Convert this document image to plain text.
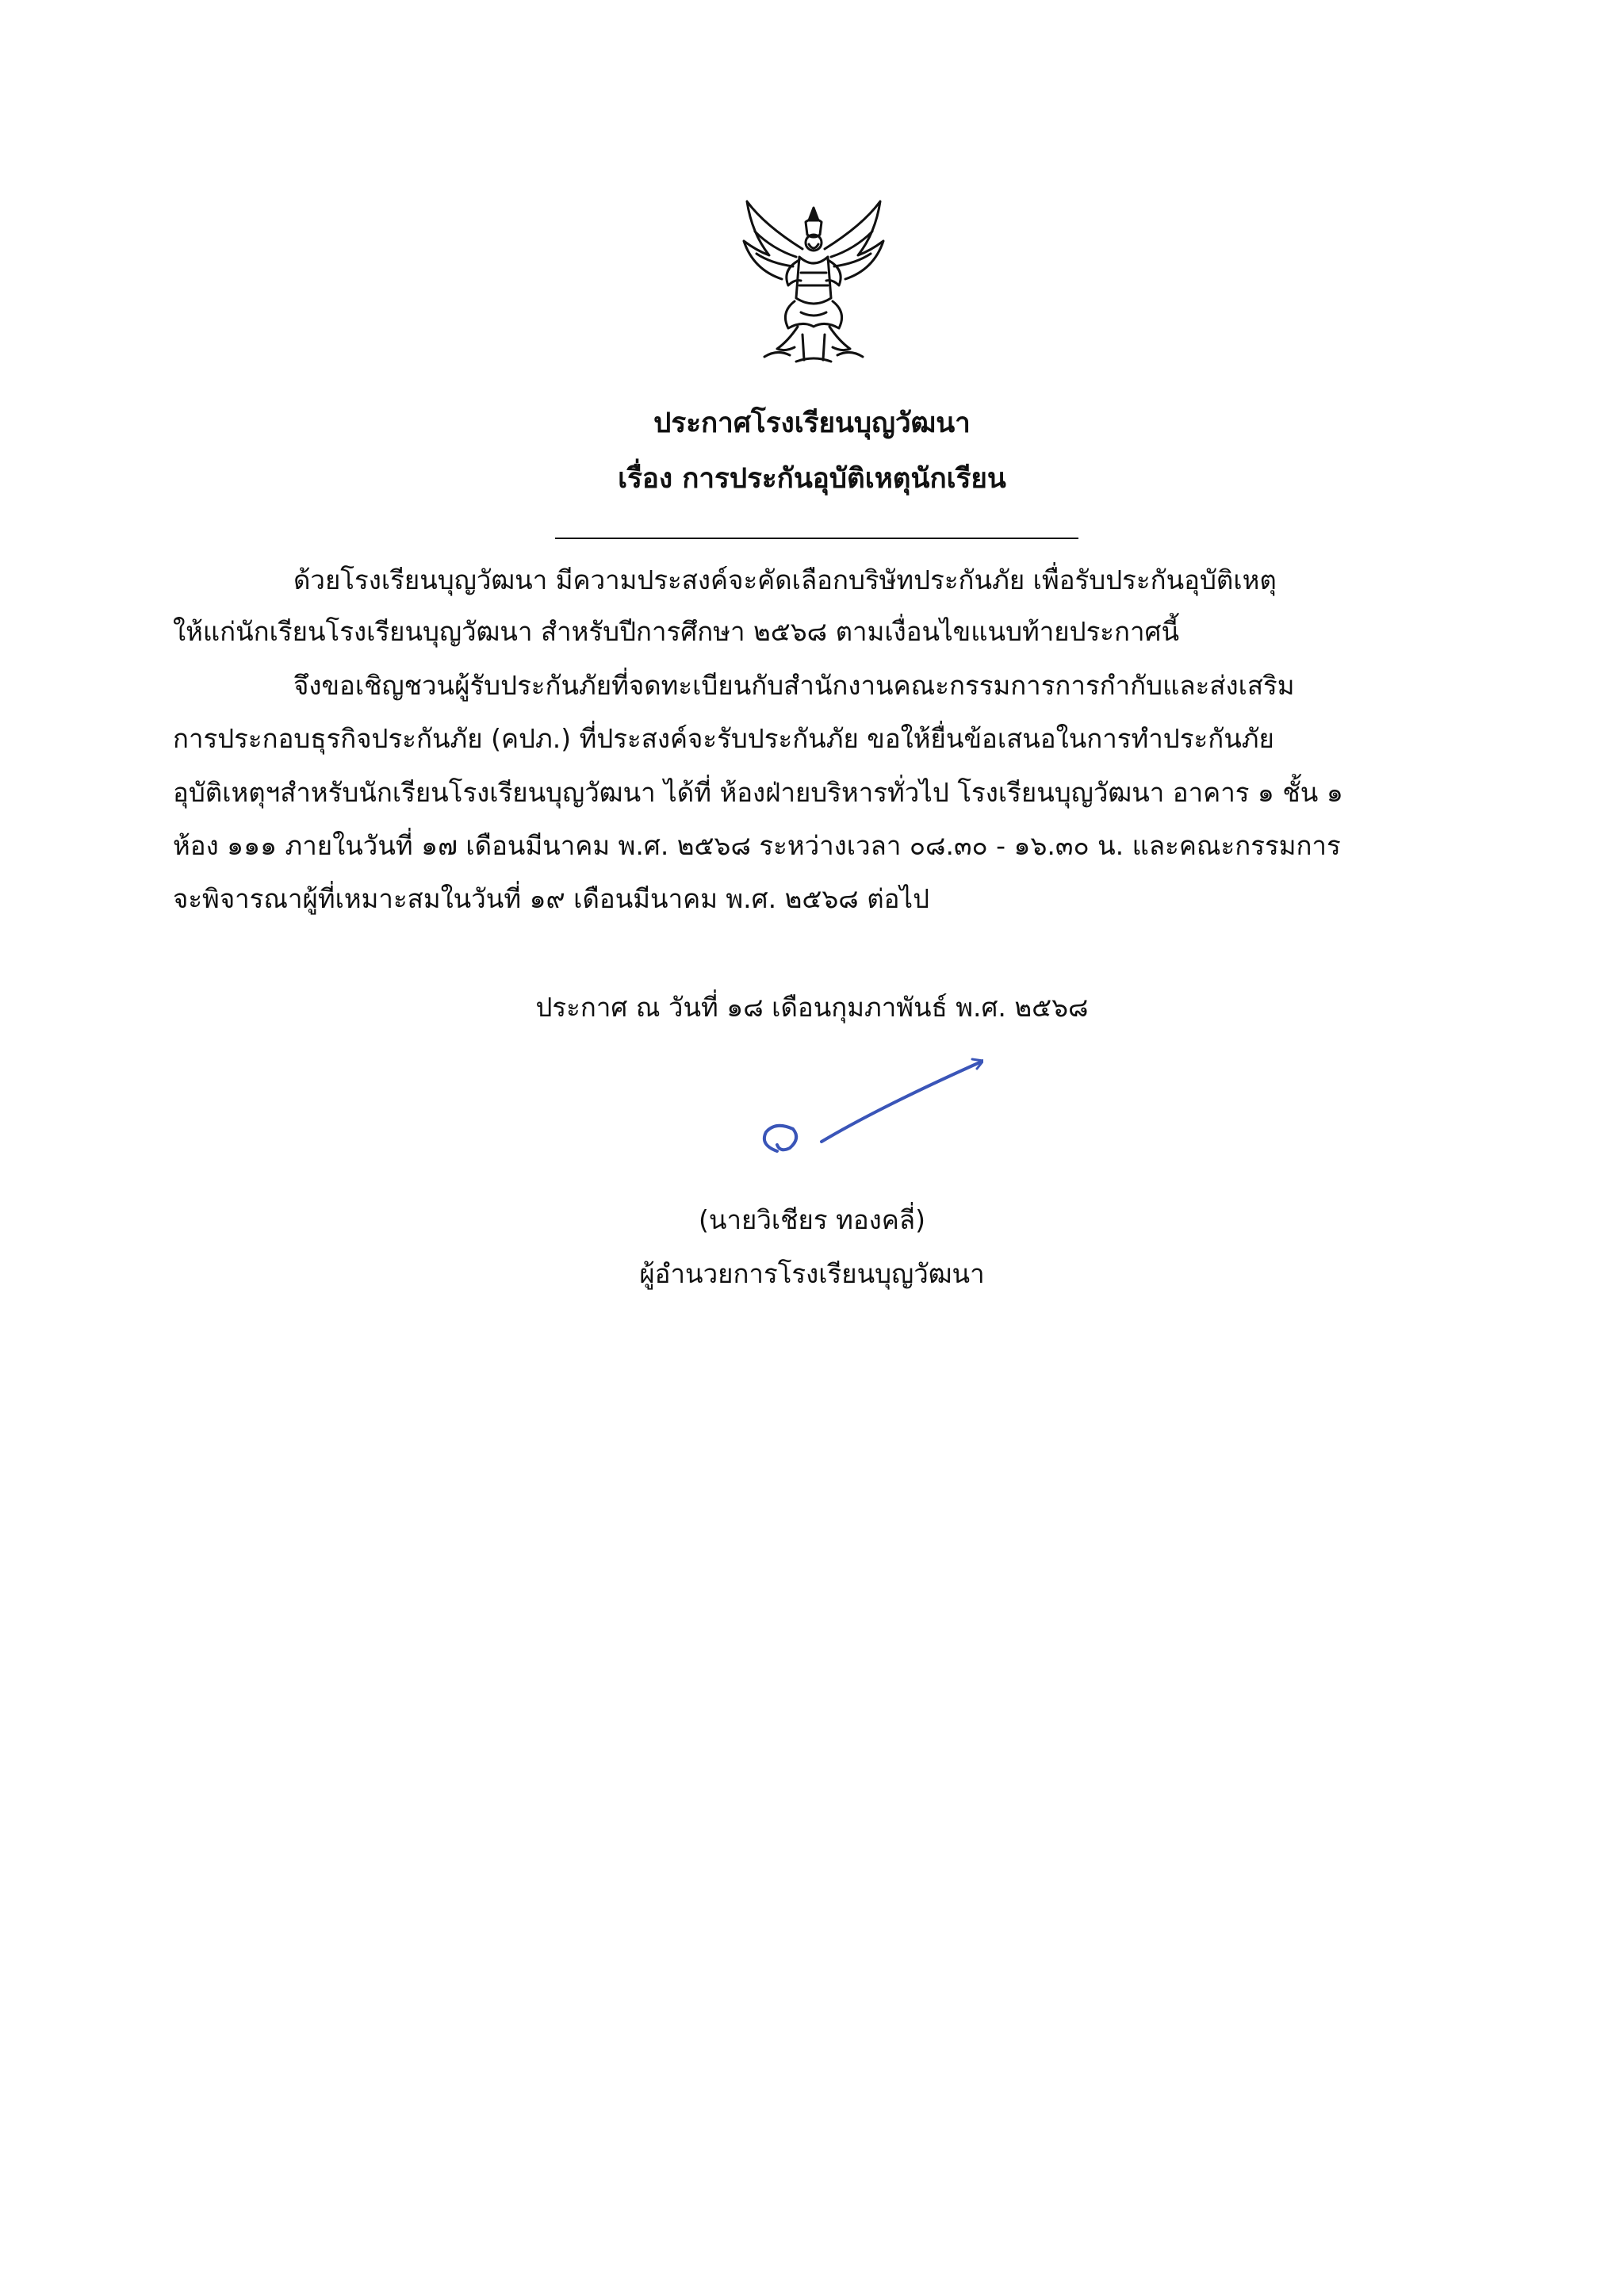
ประกาศโรงเรียนบุญวัฒนา
เรื่อง การประกันอุบัติเหตุนักเรียน
ด้วยโรงเรียนบุญวัฒนา มีความประสงค์จะคัดเลือกบริษัทประกันภัย เพื่อรับประกันอุบัติเหตุ
ให้แก่นักเรียนโรงเรียนบุญวัฒนา สำหรับปีการศึกษา ๒๕๖๘ ตามเงื่อนไขแนบท้ายประกาศนี้
จึงขอเชิญชวนผู้รับประกันภัยที่จดทะเบียนกับสำนักงานคณะกรรมการการกำกับและส่งเสริม
การประกอบธุรกิจประกันภัย (คปภ.) ที่ประสงค์จะรับประกันภัย ขอให้ยื่นข้อเสนอในการทำประกันภัย
อุบัติเหตุฯสำหรับนักเรียนโรงเรียนบุญวัฒนา ได้ที่ ห้องฝ่ายบริหารทั่วไป โรงเรียนบุญวัฒนา อาคาร ๑ ชั้น ๑
ห้อง ๑๑๑ ภายในวันที่ ๑๗ เดือนมีนาคม พ.ศ. ๒๕๖๘ ระหว่างเวลา ๐๘.๓๐ - ๑๖.๓๐ น. และคณะกรรมการ
จะพิจารณาผู้ที่เหมาะสมในวันที่ ๑๙ เดือนมีนาคม พ.ศ. ๒๕๖๘ ต่อไป
ประกาศ ณ วันที่ ๑๘ เดือนกุมภาพันธ์ พ.ศ. ๒๕๖๘
(นายวิเชียร ทองคลี่)
ผู้อำนวยการโรงเรียนบุญวัฒนา
